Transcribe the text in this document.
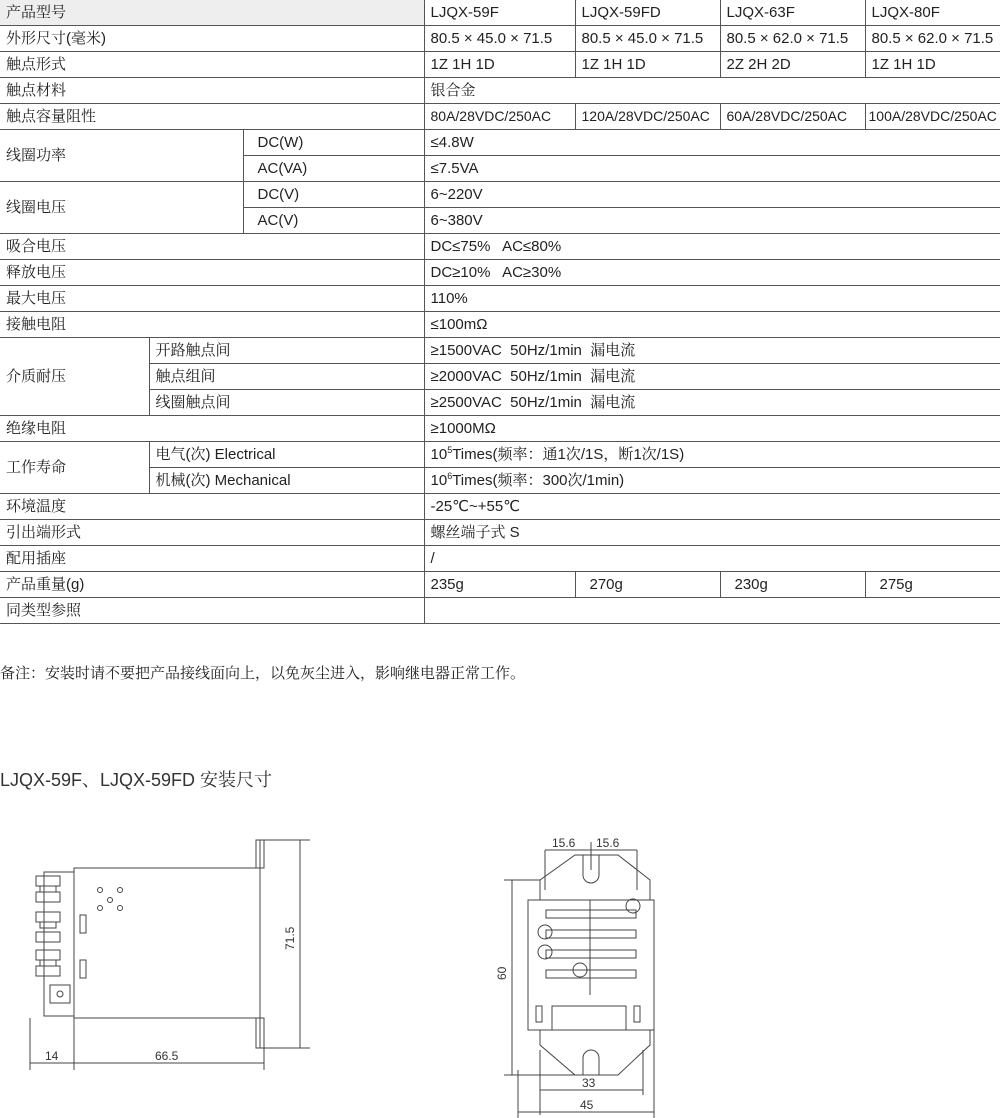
产品型号			LJQX-59F	LJQX-59FD	LJQX-63F	LJQX-80F
外形尺寸(毫米)			80.5 × 45.0 × 71.5	80.5 × 45.0 × 71.5	80.5 × 62.0 × 71.5	80.5 × 62.0 × 71.5
触点形式			1Z 1H 1D	1Z 1H 1D	2Z 2H 2D	1Z 1H 1D
触点材料			银合金			
触点容量阻性			80A/28VDC/250AC	120A/28VDC/250AC	60A/28VDC/250AC	100A/28VDC/250AC
线圈功率		DC(W)	≤4.8W			
		AC(VA)	≤7.5VA			
线圈电压		DC(V)	6~220V			
		AC(V)	6~380V			
吸合电压			DC≤75%   AC≤80%			
释放电压			DC≥10%   AC≥30%			
最大电压			110%			
接触电阻			≤100mΩ			
介质耐压	开路触点间		≥1500VAC  50Hz/1min  漏电流			
	触点组间		≥2000VAC  50Hz/1min  漏电流			
	线圈触点间		≥2500VAC  50Hz/1min  漏电流			
绝缘电阻			≥1000MΩ			
工作寿命	电气(次) Electrical		$10^5Times$(频率：通1次/1S，断1次/1S)			
	机械(次) Mechanical		$10^6Times$(频率：300次/1min)			
环境温度			-25℃~+55℃			
引出端形式			螺丝端子式 S			
配用插座			/			
产品重量(g)			235g	270g	230g	275g
同类型参照						
备注：安装时请不要把产品接线面向上，以免灰尘进入，影响继电器正常工作。
LJQX-59F、LJQX-59FD 安装尺寸
14	66.5
71.5
15.6 15.6
60
33
45
